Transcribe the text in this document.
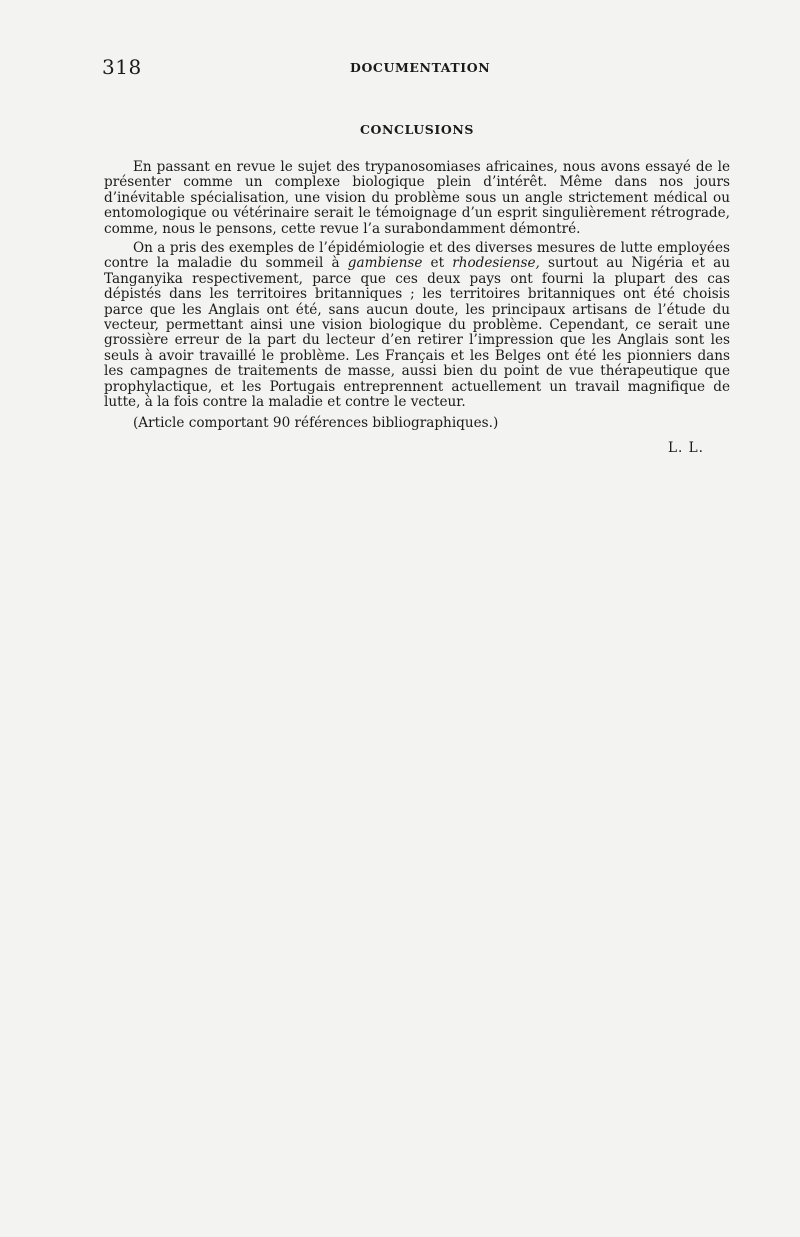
318	DOCUMENTATION
CONCLUSIONS

En passant en revue le sujet des trypanosomiases africaines, nous avons essayé de le présenter comme un complexe biologique plein d’intérêt. Même dans nos jours d’inévitable spécialisation, une vision du problème sous un angle strictement médical ou entomologique ou vétérinaire serait le témoignage d’un esprit singulièrement rétrograde, comme, nous le pensons, cette revue l’a surabondamment démontré.

On a pris des exemples de l’épidémiologie et des diverses mesures de lutte employées contre la maladie du sommeil à gambiense et rhodesiense, surtout au Nigéria et au Tanganyika respectivement, parce que ces deux pays ont fourni la plupart des cas dépistés dans les territoires britanniques ; les territoires britanniques ont été choisis parce que les Anglais ont été, sans aucun doute, les principaux artisans de l’étude du vecteur, permettant ainsi une vision biologique du problème. Cependant, ce serait une grossière erreur de la part du lecteur d’en retirer l’impression que les Anglais sont les seuls à avoir travaillé le problème. Les Français et les Belges ont été les pionniers dans les campagnes de traitements de masse, aussi bien du point de vue thérapeutique que prophylactique, et les Portugais entreprennent actuellement un travail magnifique de lutte, à la fois contre la maladie et contre le vecteur.

(Article comportant 90 références bibliographiques.)

L. L.
